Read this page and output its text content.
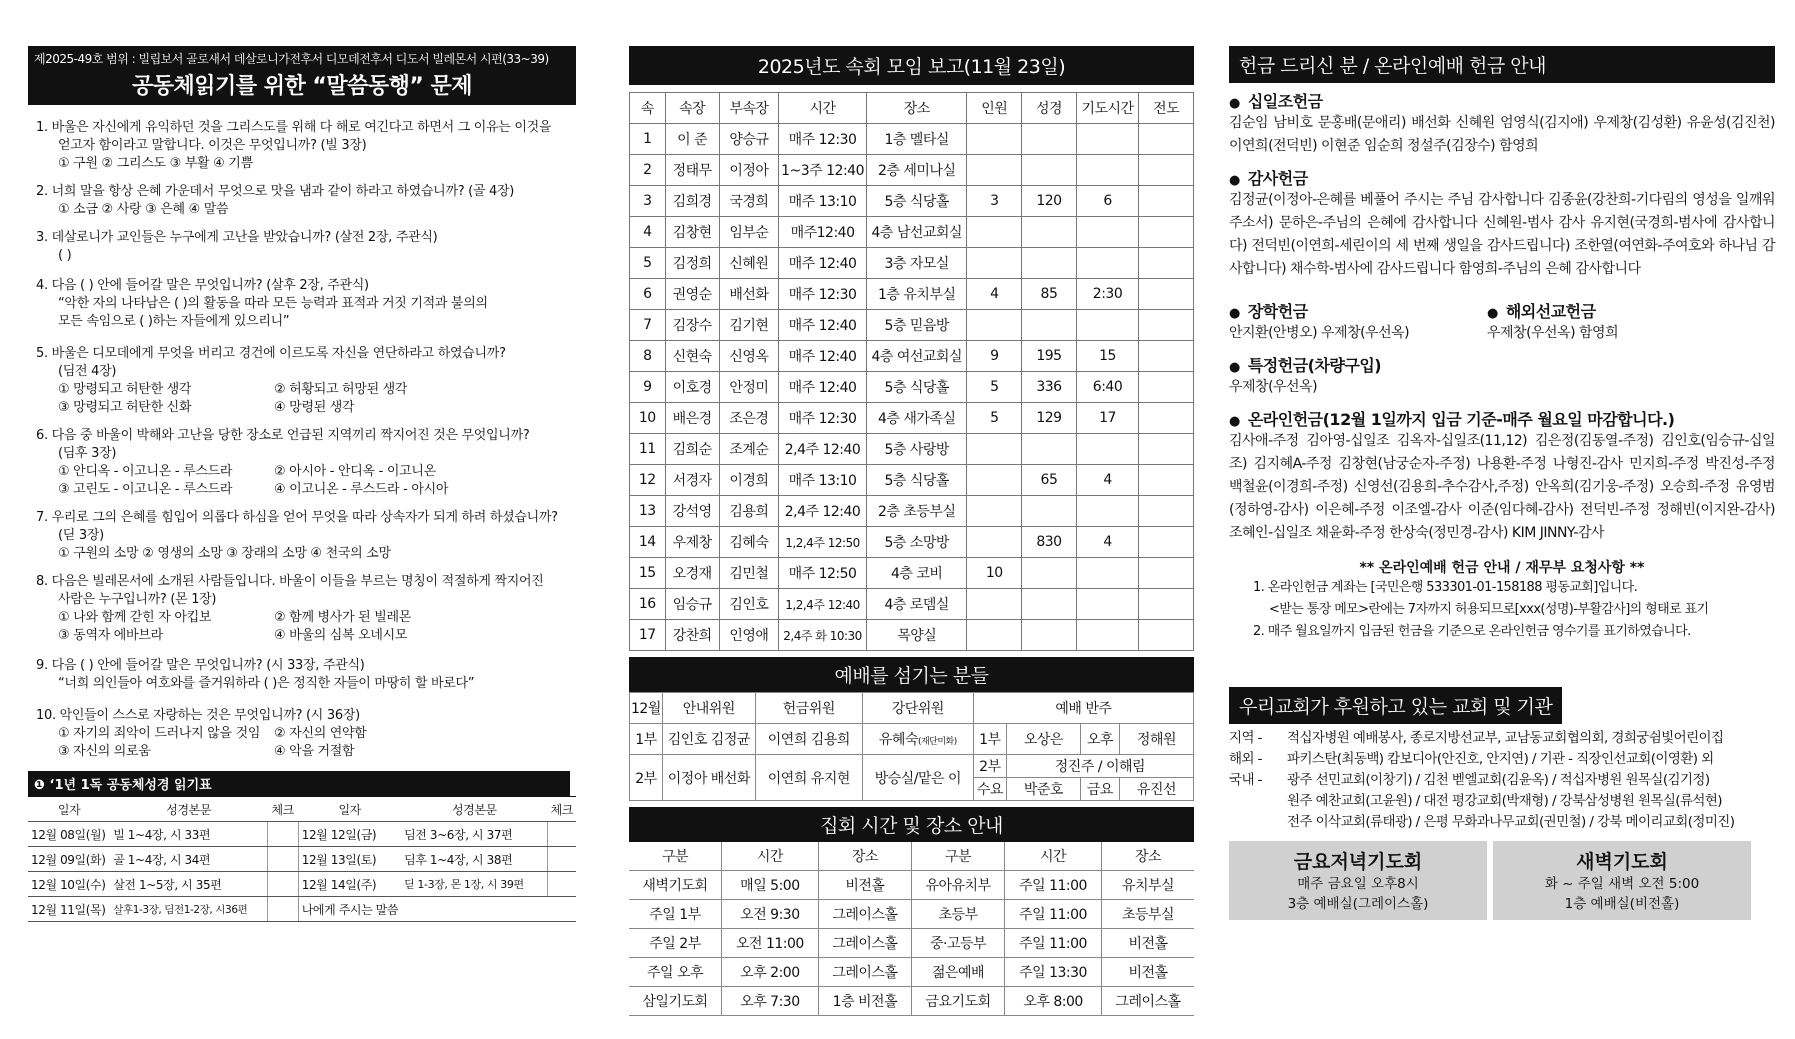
제2025-49호 범위 : 빌립보서 골로새서 데살로니가전후서 디모데전후서 디도서 빌레몬서 시편(33~39)
공동체읽기를 위한 “말씀동행” 문제
1. 바울은 자신에게 유익하던 것을 그리스도를 위해 다 해로 여긴다고 하면서 그 이유는 이것을
얻고자 함이라고 말합니다. 이것은 무엇입니까? (빌 3장)
① 구원 ② 그리스도 ③ 부활 ④ 기쁨
2. 너희 말을 항상 은혜 가운데서 무엇으로 맛을 냄과 같이 하라고 하였습니까? (골 4장)
① 소금 ② 사랑 ③ 은혜 ④ 말씀
3. 데살로니가 교인들은 누구에게 고난을 받았습니까? (살전 2장, 주관식)
( )
4. 다음 ( ) 안에 들어갈 말은 무엇입니까? (살후 2장, 주관식)
“악한 자의 나타남은 ( )의 활동을 따라 모든 능력과 표적과 거짓 기적과 불의의
모든 속임으로 ( )하는 자들에게 있으리니”
5. 바울은 디모데에게 무엇을 버리고 경건에 이르도록 자신을 연단하라고 하였습니까?
(딤전 4장)
① 망령되고 허탄한 생각	② 허황되고 허망된 생각
③ 망령되고 허탄한 신화	④ 망령된 생각
6. 다음 중 바울이 박해와 고난을 당한 장소로 언급된 지역끼리 짝지어진 것은 무엇입니까?
(딤후 3장)
① 안디옥 - 이고니온 - 루스드라	② 아시아 - 안디옥 - 이고니온
③ 고린도 - 이고니온 - 루스드라	④ 이고니온 - 루스드라 - 아시아
7. 우리로 그의 은혜를 힘입어 의롭다 하심을 얻어 무엇을 따라 상속자가 되게 하려 하셨습니까?
(딛 3장)
① 구원의 소망 ② 영생의 소망 ③ 장래의 소망 ④ 천국의 소망
8. 다음은 빌레몬서에 소개된 사람들입니다. 바울이 이들을 부르는 명칭이 적절하게 짝지어진
사람은 누구입니까? (몬 1장)
① 나와 함께 갇힌 자 아킵보	② 함께 병사가 된 빌레몬
③ 동역자 에바브라	④ 바울의 심복 오네시모
9. 다음 ( ) 안에 들어갈 말은 무엇입니까? (시 33장, 주관식)
“너희 의인들아 여호와를 즐거워하라 ( )은 정직한 자들이 마땅히 할 바로다”
10. 악인들이 스스로 자랑하는 것은 무엇입니까? (시 36장)
① 자기의 죄악이 드러나지 않을 것임	② 자신의 연약함
③ 자신의 의로움	④ 악을 거절함
❶ ‘1년 1독 공동체성경 읽기표
일자	성경본문	체크	일자	성경본문	체크
12월 08일(월)	빌 1~4장, 시 33편		12월 12일(금)	딤전 3~6장, 시 37편	
12월 09일(화)	골 1~4장, 시 34편		12월 13일(토)	딤후 1~4장, 시 38편	
12월 10일(수)	살전 1~5장, 시 35편		12월 14일(주)	딛 1-3장, 몬 1장, 시 39편	
12월 11일(목)	살후1-3장, 딤전1-2장, 시36편		나에게 주시는 말씀		
2025년도 속회 모임 보고(11월 23일)
속	속장	부속장	시간	장소	인원	성경	기도시간	전도
1	이 준	양승규	매주 12:30	1층 멜타실				
2	정태무	이정아	1~3주 12:40	2층 세미나실				
3	김희경	국경희	매주 13:10	5층 식당홀	3	120	6	
4	김창현	임부순	매주12:40	4층 남선교회실				
5	김정희	신혜원	매주 12:40	3층 자모실				
6	권영순	배선화	매주 12:30	1층 유치부실	4	85	2:30	
7	김장수	김기현	매주 12:40	5층 믿음방				
8	신현숙	신영옥	매주 12:40	4층 여선교회실	9	195	15	
9	이호경	안정미	매주 12:40	5층 식당홀	5	336	6:40	
10	배은경	조은경	매주 12:30	4층 새가족실	5	129	17	
11	김희순	조계순	2,4주 12:40	5층 사랑방				
12	서경자	이경희	매주 13:10	5층 식당홀		65	4	
13	강석영	김용희	2,4주 12:40	2층 초등부실				
14	우제창	김혜숙	1,2,4주 12:50	5층 소망방		830	4	
15	오경재	김민철	매주 12:50	4층 코비	10			
16	임승규	김인호	1,2,4주 12:40	4층 로뎀실				
17	강찬희	인영애	2,4주 화 10:30	목양실				
예배를 섬기는 분들
12월	안내위원	헌금위원	강단위원	예배 반주			
1부	김인호 김정균	이연희 김용희	유혜숙(재단미화)	1부	오상은	오후	정해원
2부	이정아 배선화	이연희 유지현	방승실/맡은 이	2부	정진주 / 이해림		
				수요	박준호	금요	유진선
집회 시간 및 장소 안내
구분	시간	장소	구분	시간	장소
새벽기도회	매일 5:00	비전홀	유아유치부	주일 11:00	유치부실
주일 1부	오전 9:30	그레이스홀	초등부	주일 11:00	초등부실
주일 2부	오전 11:00	그레이스홀	중·고등부	주일 11:00	비전홀
주일 오후	오후 2:00	그레이스홀	젊은예배	주일 13:30	비전홀
삼일기도회	오후 7:30	1층 비전홀	금요기도회	오후 8:00	그레이스홀
헌금 드리신 분 / 온라인예배 헌금 안내
● 십일조헌금
김순임 남비호 문홍배(문애리) 배선화 신혜원 엄영식(김지애) 우제창(김성환) 유윤성(김진천) 이연희(전덕빈) 이현준 임순희 정설주(김장수) 함영희
● 감사헌금
김정균(이정아-은혜를 베풀어 주시는 주님 감사합니다 김종윤(강찬희-기다림의 영성을 일깨워 주소서) 문하은-주님의 은혜에 감사합니다 신혜원-범사 감사 유지현(국경희-범사에 감사합니다) 전덕빈(이연희-세린이의 세 번째 생일을 감사드립니다) 조한열(여연화-주여호와 하나님 감사합니다) 채수학-범사에 감사드립니다 함영희-주님의 은혜 감사합니다
● 장학헌금
안지환(안병오) 우제창(우선옥)
● 해외선교헌금
우제창(우선옥) 함영희
● 특정헌금(차량구입)
우제창(우선옥)
● 온라인헌금(12월 1일까지 입금 기준-매주 월요일 마감합니다.)
김사애-주정 김아영-십일조 김옥자-십일조(11,12) 김은정(김동열-주정) 김인호(임승규-십일조) 김지혜A-주정 김창현(남궁순자-주정) 나용환-주정 나형진-감사 민지희-주정 박진성-주정 백철윤(이경희-주정) 신영선(김용희-추수감사,주정) 안옥희(김기웅-주정) 오승희-주정 유영범(정하영-감사) 이은혜-주정 이조엘-감사 이준(임다혜-감사) 전덕빈-주정 정해빈(이지완-감사) 조혜인-십일조 채윤화-주정 한상숙(정민경-감사) KIM JINNY-감사
** 온라인예배 헌금 안내 / 재무부 요청사항 **
1. 온라인헌금 계좌는 [국민은행 533301-01-158188 평동교회]입니다.
<받는 통장 메모>란에는 7자까지 허용되므로[xxx(성명)-부활감사]의 형태로 표기
2. 매주 월요일까지 입금된 헌금을 기준으로 온라인헌금 영수기를 표기하였습니다.
우리교회가 후원하고 있는 교회 및 기관
지역 -	적십자병원 예배봉사, 종로지방선교부, 교남동교회협의회, 경희궁쉼빛어린이집
해외 -	파키스탄(최동백) 캄보디아(안진호, 안지연) / 기관 - 직장인선교회(이영환) 외
국내 -	광주 선민교회(이창기) / 김천 벧엘교회(김윤옥) / 적십자병원 원목실(김기정)
원주 예찬교회(고윤원) / 대전 평강교회(박재형) / 강북삼성병원 원목실(류석현)
전주 이삭교회(류태광) / 은평 무화과나무교회(권민철) / 강북 메이리교회(정미진)
금요저녁기도회
매주 금요일 오후8시
3층 예배실(그레이스홀)
새벽기도회
화 ~ 주일 새벽 오전 5:00
1층 예배실(비전홀)
